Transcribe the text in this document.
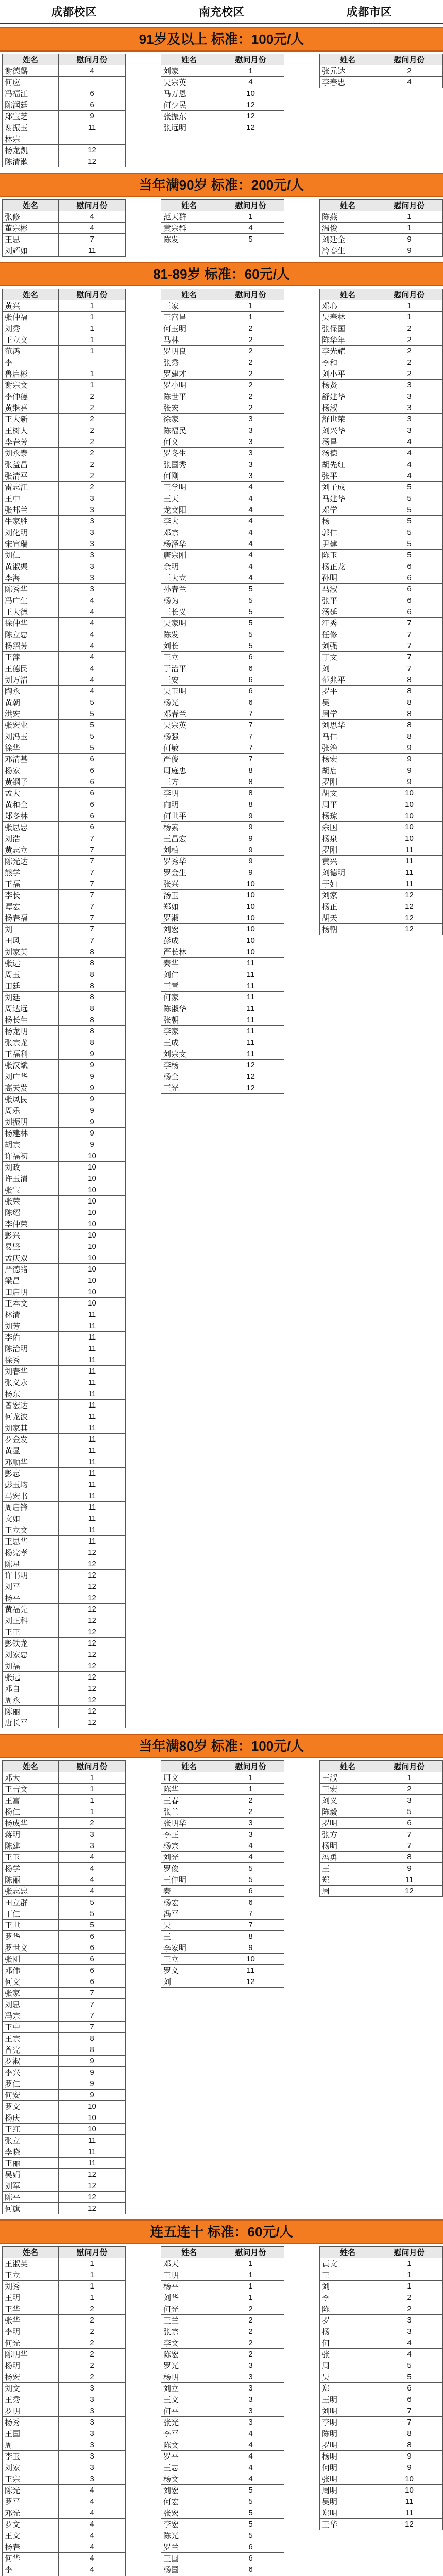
成都校区	南充校区	成都市区
91岁及以上 标准：100元/人
姓名	慰问月份
谢德麟	4
何应	
冯福江	6
陈润廷	6
郑宝芝	9
谢振玉	11
林宗	
杨龙凯	12
陈清漱	12
姓名	慰问月份
刘家	1
吴宗英	4
马万恩	10
何少民	12
张振东	12
张远明	12
姓名	慰问月份
张元达	2
李春忠	4
当年满90岁 标准：200元/人
姓名	慰问月份
张修	4
董宗彬	4
王思	7
刘辉如	11
姓名	慰问月份
范天群	1
黄宗群	4
陈发	5
姓名	慰问月份
陈燕	1
温俊	1
刘廷全	9
冷春生	9
81-89岁 标准：60元/人
姓名	慰问月份
黄兴	1
张仲福	1
刘秀	1
王立文	1
范鸿	1
李	
鲁启彬	1
谢宗文	1
李仲德	2
黄继亮	2
王大新	2
王树人	2
李春芳	2
刘永泰	2
张益昌	2
张清平	2
雷志江	2
王中	3
张邦兰	3
牛家胜	3
刘化明	3
宋宣瑞	3
刘仁	3
黄淑渠	3
李海	3
陈秀华	3
冯广生	4
王大德	4
徐仲华	4
陈立忠	4
杨绍芳	4
王萍	4
王德民	4
刘万清	4
陶永	4
黄朝	5
洪宏	5
张宏业	5
刘冯玉	5
徐华	5
邓清基	6
杨家	6
黄钢子	6
孟大	6
黄和全	6
郑冬林	6
张思忠	6
刘浩	7
黄志立	7
陈光达	7
熊学	7
王福	7
李长	7
谭宏	7
杨春福	7
刘	7
田风	7
刘家英	8
张远	8
周玉	8
田廷	8
刘廷	8
周达远	8
杨长生	8
杨龙明	8
张宗龙	8
王福利	9
张汉斌	9
刘广华	9
高天发	9
张凤民	9
周乐	9
刘振明	9
杨建林	9
胡宗	9
许福初	10
刘政	10
许玉清	10
张宝	10
张荣	10
陈绍	10
李仲荣	10
彭兴	10
易坚	10
孟庆双	10
严德绪	10
梁昌	10
田启明	10
王本文	10
林清	11
刘芳	11
李佑	11
陈治明	11
徐秀	11
刘春华	11
张义永	11
杨东	11
曾宏达	11
何龙波	11
刘家其	11
罗金发	11
黄显	11
邓顺华	11
彭志	11
彭玉均	11
马宏书	11
周启锋	11
文如	11
王立文	11
王思华	11
杨宪孝	12
陈星	12
许书明	12
刘平	12
杨平	12
黄福先	12
刘正科	12
王正	12
彭铁龙	12
刘家忠	12
刘福	12
张远	12
邓自	12
周永	12
陈丽	12
唐长平	12
姓名	慰问月份
王家	1
王富昌	1
何玉明	2
马林	2
罗明良	2
张秀	2
罗建才	2
罗小明	2
陈世平	2
张宏	2
徐家	3
陈福民	3
何义	3
罗冬生	3
张国秀	3
何刚	3
王学明	4
王天	4
龙文阳	4
李大	4
邓宗	4
杨泽华	4
唐宗刚	4
余明	4
王大立	4
孙春兰	5
杨为	5
王长义	5
吴家明	5
陈发	5
刘长	5
王立	6
于治平	6
王安	6
吴玉明	6
杨光	6
邓春兰	7
吴宗英	7
杨强	7
何敏	7
严俊	7
周庭忠	8
王方	8
李明	8
向明	8
何世平	9
杨素	9
王昌宏	9
刘柏	9
罗秀华	9
罗金生	9
张兴	10
汤玉	10
郑如	10
罗淑	10
刘宏	10
彭成	10
严长林	10
秦华	11
刘仁	11
王章	11
何家	11
陈淑华	11
张朝	11
李家	11
王成	11
刘宗文	11
李杨	12
杨全	12
王光	12
姓名	慰问月份
邓心	1
吴春林	1
张保国	2
陈华年	2
李光耀	2
李和	2
刘小平	2
杨贤	3
舒建华	3
杨淑	3
舒世荣	3
刘兴华	3
汤昌	4
汤德	4
胡先红	4
张平	4
刘子成	5
马建华	5
邓学	5
杨	5
郭仁	5
尹建	5
陈玉	5
杨正龙	6
孙明	6
马淑	6
张平	6
汤延	6
汪秀	7
任修	7
刘强	7
丁文	7
刘	7
范兆平	8
罗平	8
吴	8
周学	8
刘思华	8
马仁	8
张治	9
杨宏	9
胡启	9
罗刚	9
胡文	10
周平	10
杨琼	10
余国	10
杨泉	10
罗刚	11
黄兴	11
刘德明	11
于如	11
刘家	12
杨正	12
胡天	12
杨朝	12
当年满80岁 标准：100元/人
姓名	慰问月份
邓大	1
王吉文	1
王富	1
杨仁	1
杨成华	2
蒋明	3
陈建	3
王玉	4
杨学	4
陈丽	4
张志忠	4
田立群	5
丁仁	5
王世	5
罗华	6
罗世文	6
张刚	6
邓伟	6
何文	6
张家	7
刘思	7
冯宗	7
王中	7
王宗	8
曾宪	8
罗淑	9
李兴	9
罗仁	9
何安	9
罗文	10
杨庆	10
王红	10
张立	11
李晓	11
王丽	11
吴娟	12
刘军	12
陈平	12
何旗	12
姓名	慰问月份
周文	1
陈华	1
王春	2
张兰	2
张明华	3
李正	3
杨宗	4
刘光	4
罗俊	5
王仲明	5
秦	6
杨宏	6
冯平	7
吴	7
王	8
李家明	9
王立	10
罗义	11
刘	12
姓名	慰问月份
王淑	1
王宏	2
刘义	3
陈毅	5
罗明	6
张方	7
杨明	7
冯勇	8
王	9
郑	11
周	12
连五连十 标准：60元/人
姓名	慰问月份
王淑英	1
王立	1
刘秀	1
王明	1
王华	2
张华	2
李明	2
何光	2
陈明华	2
杨明	2
杨宏	2
刘文	3
王秀	3
罗明	3
杨秀	3
王国	3
周	3
李玉	3
刘家	3
王宗	3
陈光	4
罗平	4
邓光	4
罗文	4
王文	4
杨春	4
何华	4
李	4

姓名	慰问月份
邓天	1
王明	1
杨平	1
刘华	1
何光	2
王兰	2
张宗	2
李文	2
陈宏	2
罗光	3
杨明	3
刘立	3
王文	3
何平	3
张光	3
李平	4
陈文	4
罗平	4
王志	4
杨文	4
刘宏	5
何宏	5
张宏	5
李宏	5
陈光	5
罗兰	6
王国	6
杨国	6

姓名	慰问月份
黄文	1
王	1
刘	1
李	2
陈	2
罗	3
杨	3
何	4
张	4
周	5
吴	5
郑	6
王明	6
刘明	7
李明	7
陈明	8
罗明	8
杨明	9
何明	9
张明	10
周明	10
吴明	11
郑明	11
王华	12
